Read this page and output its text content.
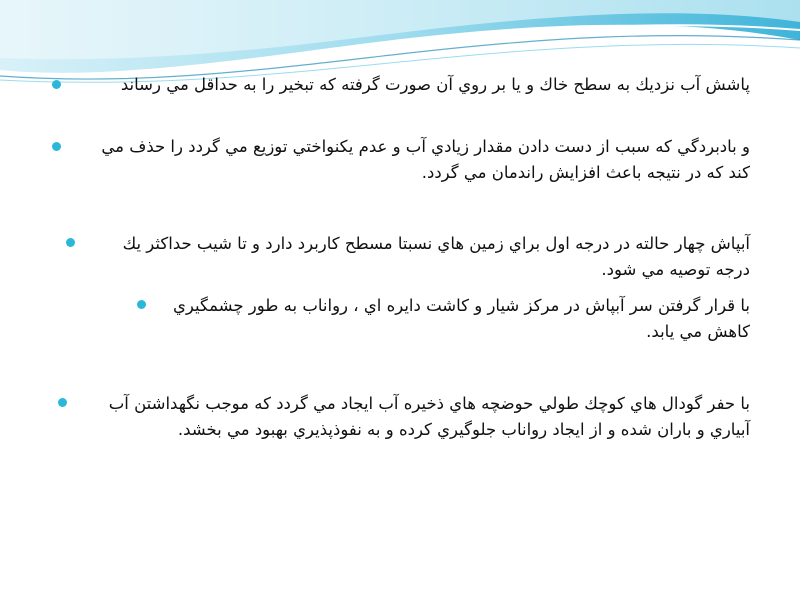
پاشش آب نزديك به سطح خاك و يا بر روي آن صورت گرفته كه تبخير را به حداقل مي رساند
و بادبردگي كه سبب از دست دادن مقدار زيادي آب و عدم يكنواختي توزيع مي گردد را حذف مي كند كه در نتيجه باعث افزايش راندمان مي گردد.
آبپاش چهار حالته در درجه اول براي زمين هاي نسبتا مسطح كاربرد دارد و تا شيب حداكثر يك درجه توصيه مي شود.
با قرار گرفتن سر آبپاش در مركز شيار و كاشت دايره اي ، رواناب به طور چشمگيري كاهش مي يابد.
با حفر گودال هاي كوچك طولي حوضچه هاي ذخيره آب ايجاد مي گردد كه موجب نگهداشتن آب آبياري و باران شده و از ايجاد رواناب جلوگيري كرده و به نفوذپذيري بهبود مي بخشد.
